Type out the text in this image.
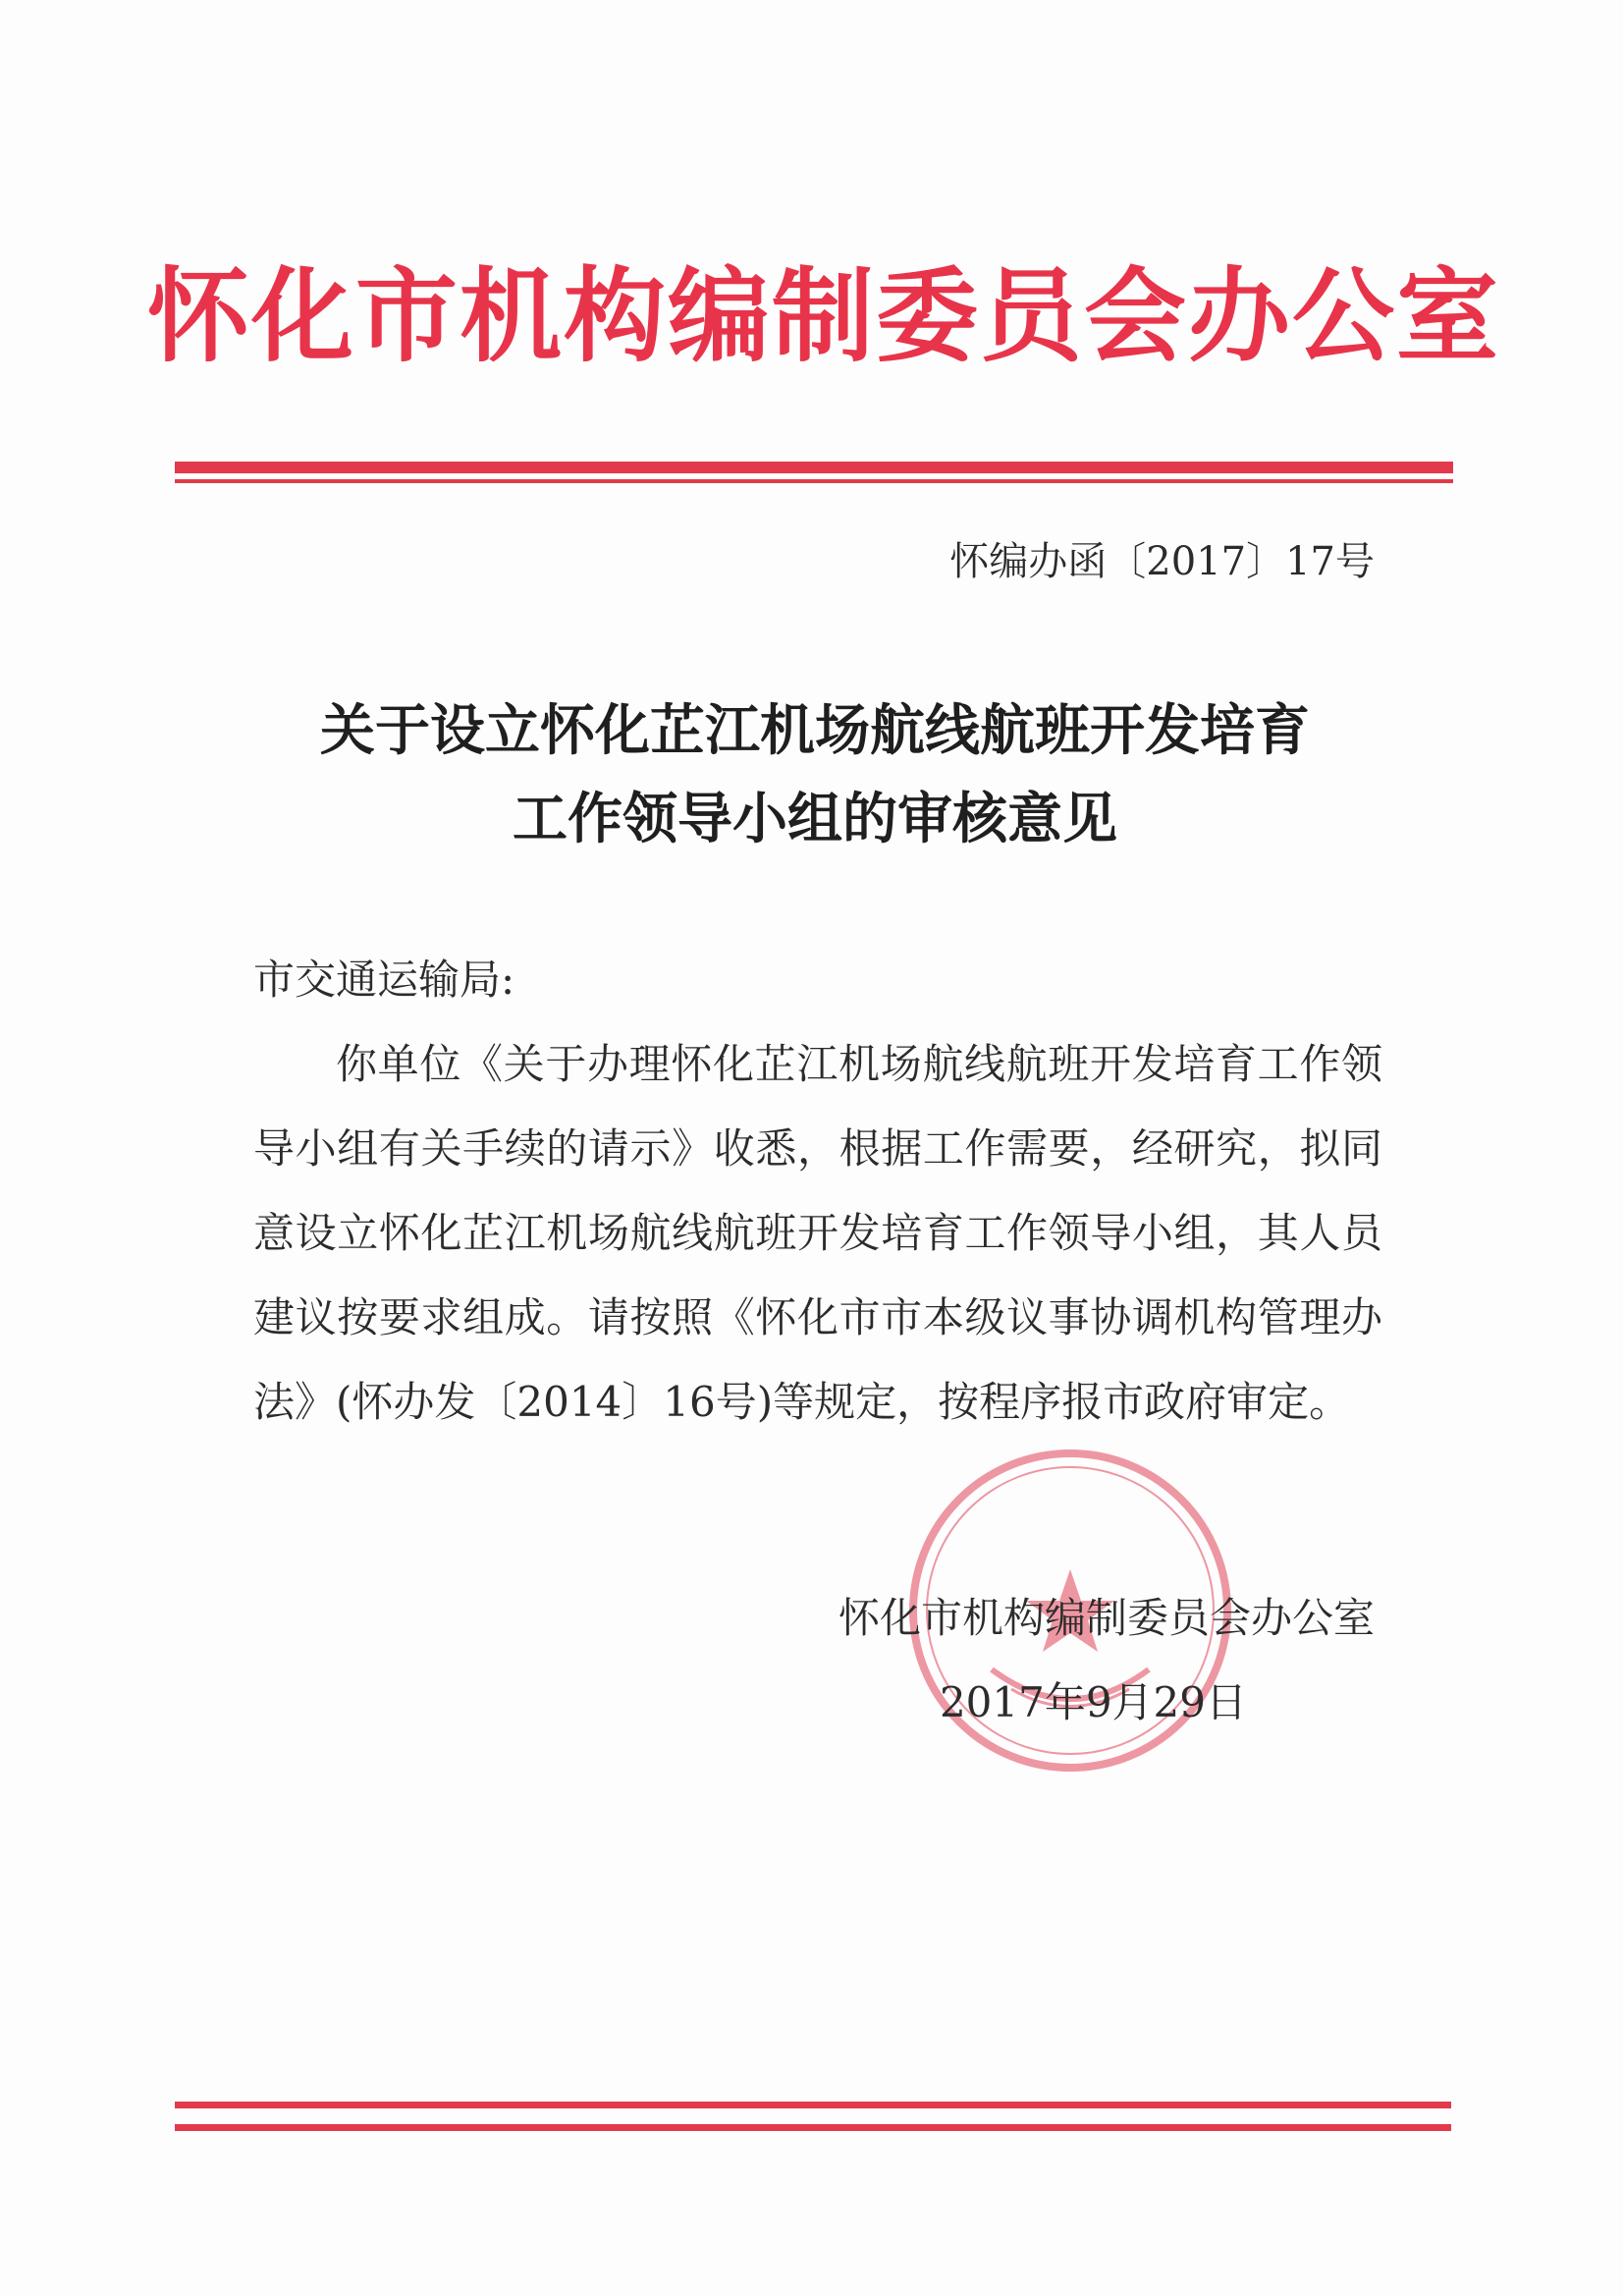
怀化市机构编制委员会办公室
怀编办函〔2017〕17号
关于设立怀化芷江机场航线航班开发培育
工作领导小组的审核意见
市交通运输局:
你单位《关于办理怀化芷江机场航线航班开发培育工作领导小组有关手续的请示》收悉，根据工作需要，经研究，拟同意设立怀化芷江机场航线航班开发培育工作领导小组，其人员建议按要求组成。请按照《怀化市市本级议事协调机构管理办法》(怀办发〔2014〕16号)等规定，按程序报市政府审定。
怀化市机构编制委员会办公室
2017年9月29日
